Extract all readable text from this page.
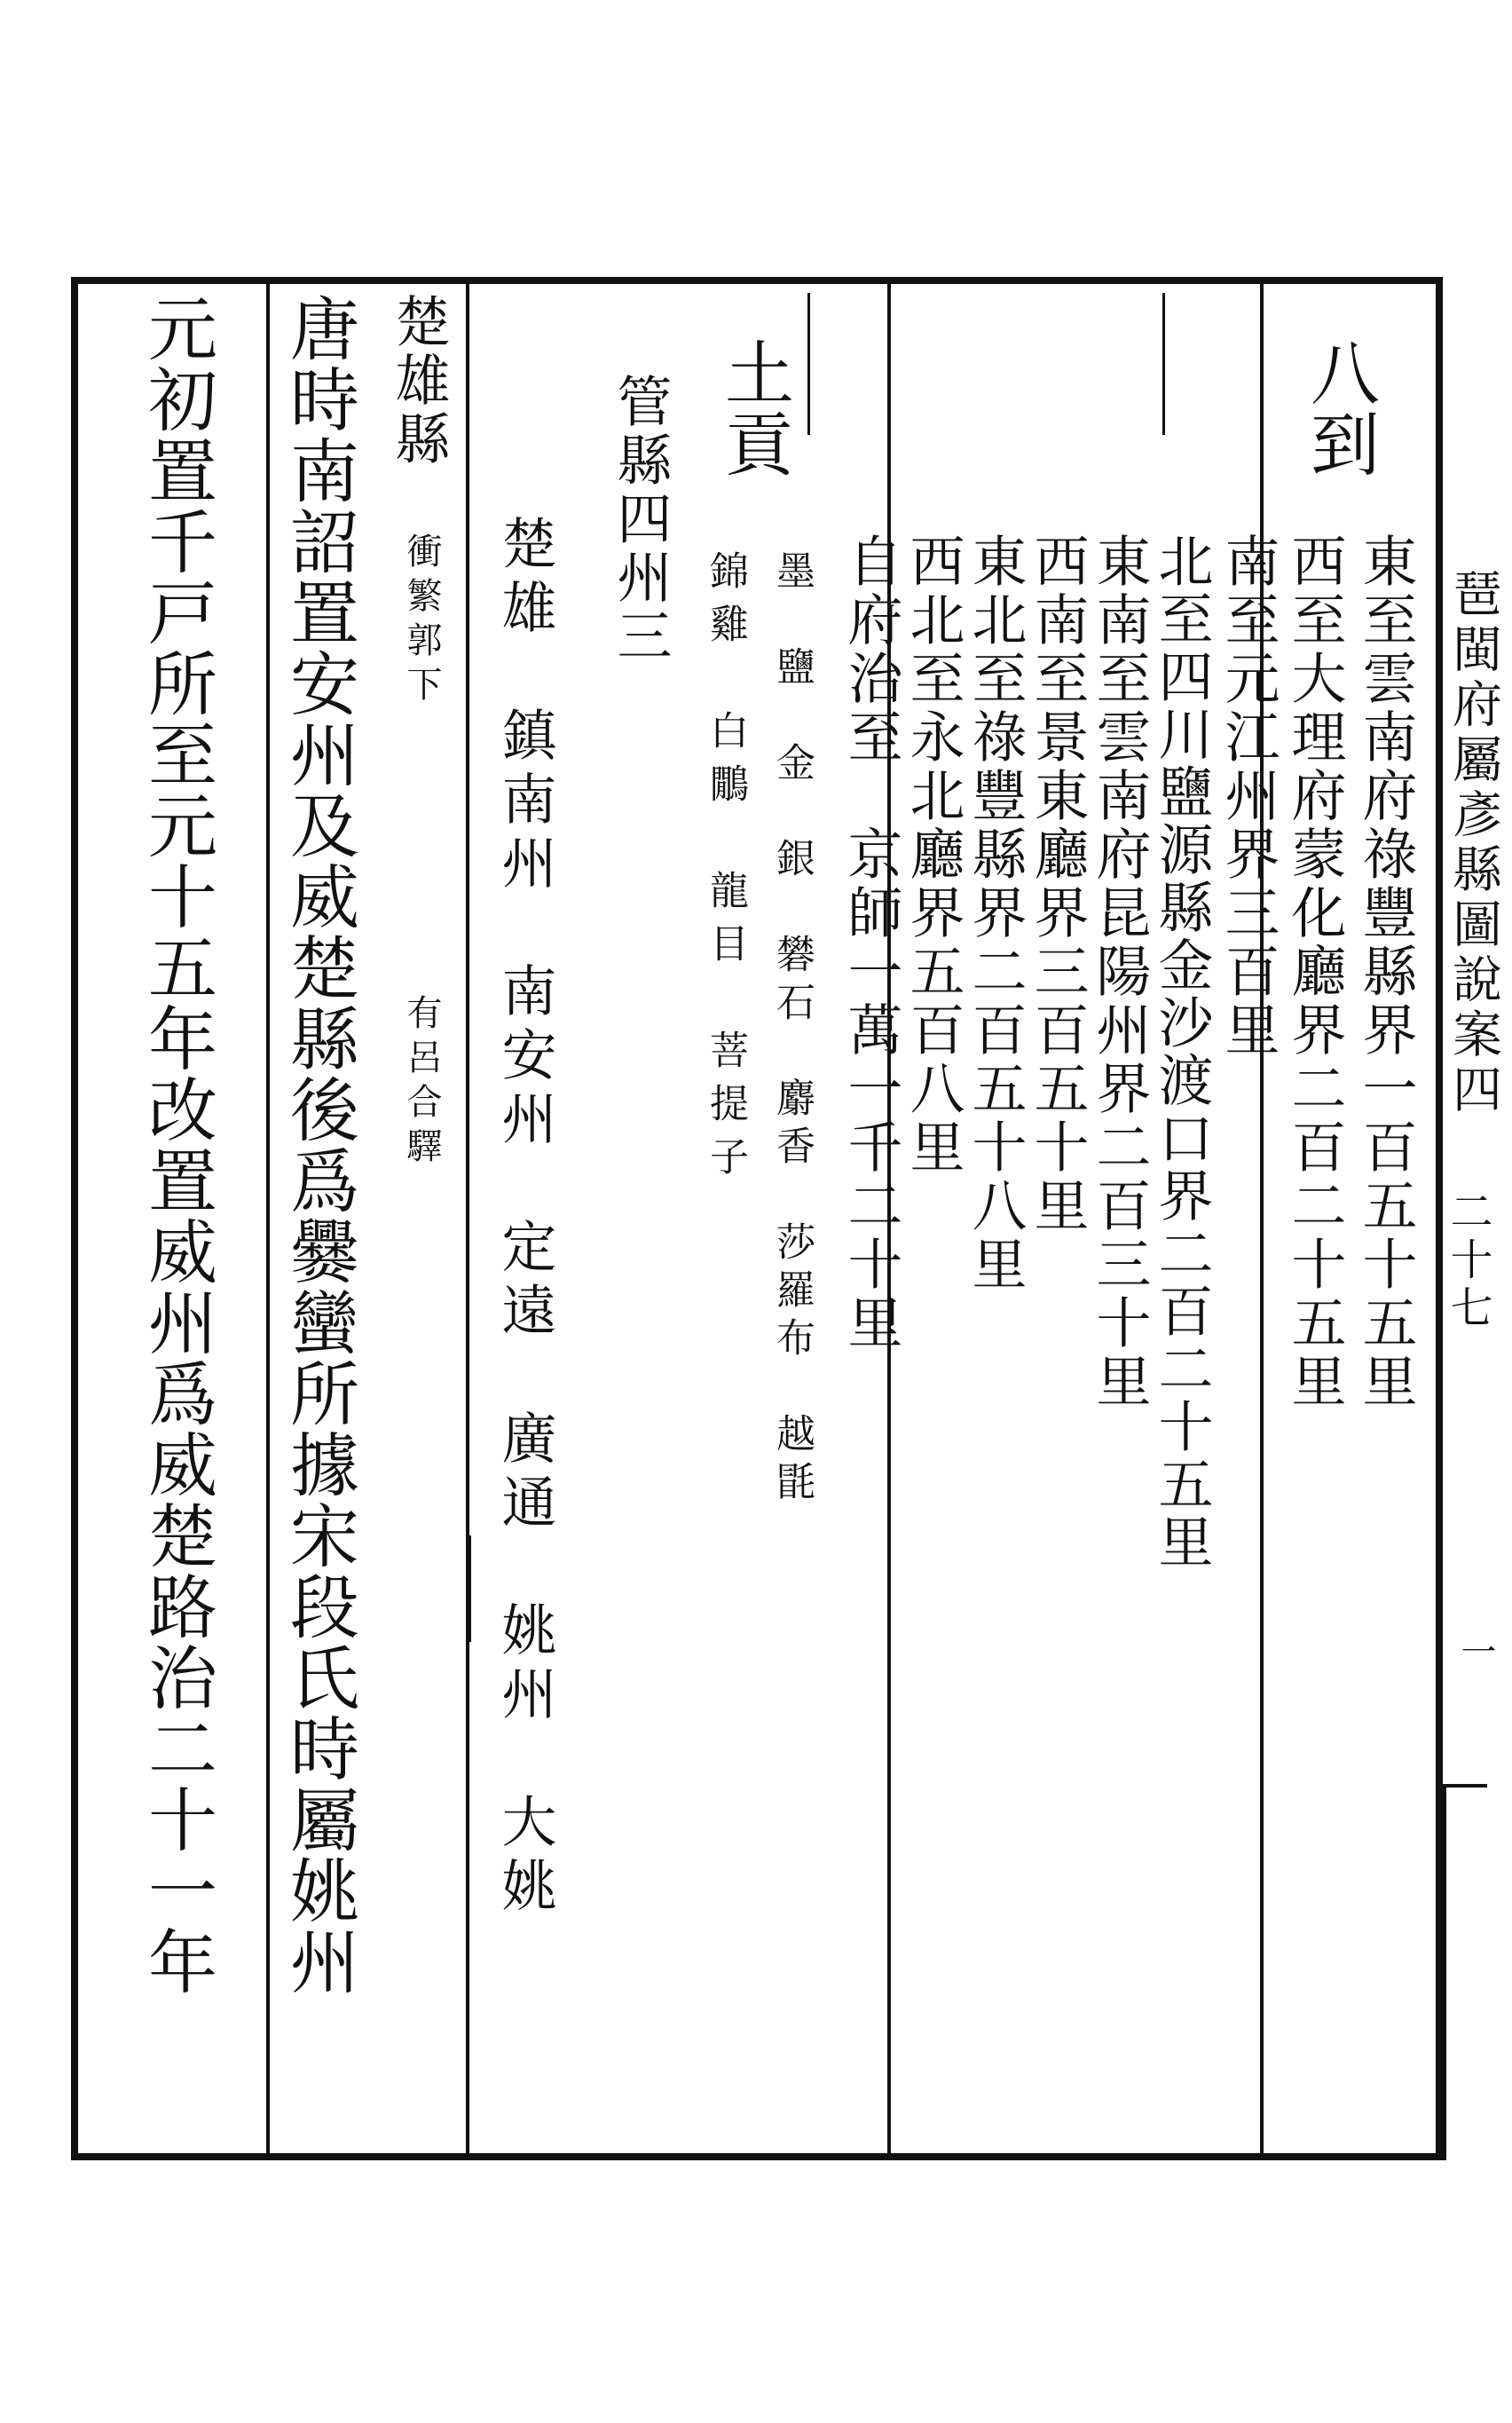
琶閩府屬彥縣圖說案四
二十七
一
八到
東至雲南府祿豐縣界一百五十五里
西至大理府蒙化廳界二百二十五里
南至元江州界三百里
北至四川鹽源縣金沙渡口界二百二十五里
東南至雲南府昆陽州界二百三十里
西南至景東廳界三百五十里
東北至祿豐縣界二百五十八里
西北至永北廳界五百八里
自府治至　京師一萬一千二十里
土貢
墨　鹽　金　銀　礬石　麝香　莎羅布　越毷
錦雞　白鷳　龍目　菩提子
管縣四州三
楚雄　鎮南州　南安州　定遠　廣通　姚州　大姚
楚雄縣
衝繁郭下
有呂合驛
唐時南詔置安州及威楚縣後爲爨蠻所據宋段氏時屬姚州
元初置千戸所至元十五年改置威州爲威楚路治二十一年
